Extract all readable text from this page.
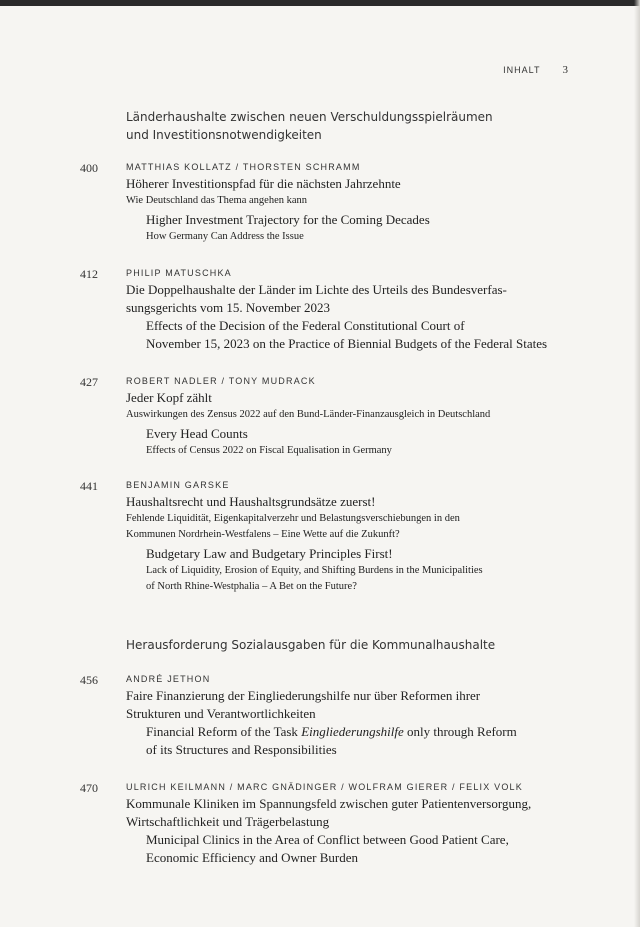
INHALT 3
Länderhaushalte zwischen neuen Verschuldungsspielräumen
und Investitionsnotwendigkeiten
400	MATTHIAS KOLLATZ / THORSTEN SCHRAMM
Höherer Investitionspfad für die nächsten Jahrzehnte
Wie Deutschland das Thema angehen kann
Higher Investment Trajectory for the Coming Decades
How Germany Can Address the Issue
412	PHILIP MATUSCHKA
Die Doppelhaushalte der Länder im Lichte des Urteils des Bundesverfas-
sungsgerichts vom 15. November 2023
Effects of the Decision of the Federal Constitutional Court of
November 15, 2023 on the Practice of Biennial Budgets of the Federal States
427	ROBERT NADLER / TONY MUDRACK
Jeder Kopf zählt
Auswirkungen des Zensus 2022 auf den Bund-Länder-Finanzausgleich in Deutschland
Every Head Counts
Effects of Census 2022 on Fiscal Equalisation in Germany
441	BENJAMIN GARSKE
Haushaltsrecht und Haushaltsgrundsätze zuerst!
Fehlende Liquidität, Eigenkapitalverzehr und Belastungsverschiebungen in den
Kommunen Nordrhein-Westfalens – Eine Wette auf die Zukunft?
Budgetary Law and Budgetary Principles First!
Lack of Liquidity, Erosion of Equity, and Shifting Burdens in the Municipalities
of North Rhine-Westphalia – A Bet on the Future?
Herausforderung Sozialausgaben für die Kommunalhaushalte
456	ANDRÉ JETHON
Faire Finanzierung der Eingliederungshilfe nur über Reformen ihrer
Strukturen und Verantwortlichkeiten
Financial Reform of the Task Eingliederungshilfe only through Reform
of its Structures and Responsibilities
470	ULRICH KEILMANN / MARC GNÄDINGER / WOLFRAM GIERER / FELIX VOLK
Kommunale Kliniken im Spannungsfeld zwischen guter Patientenversorgung,
Wirtschaftlichkeit und Trägerbelastung
Municipal Clinics in the Area of Conflict between Good Patient Care,
Economic Efficiency and Owner Burden
